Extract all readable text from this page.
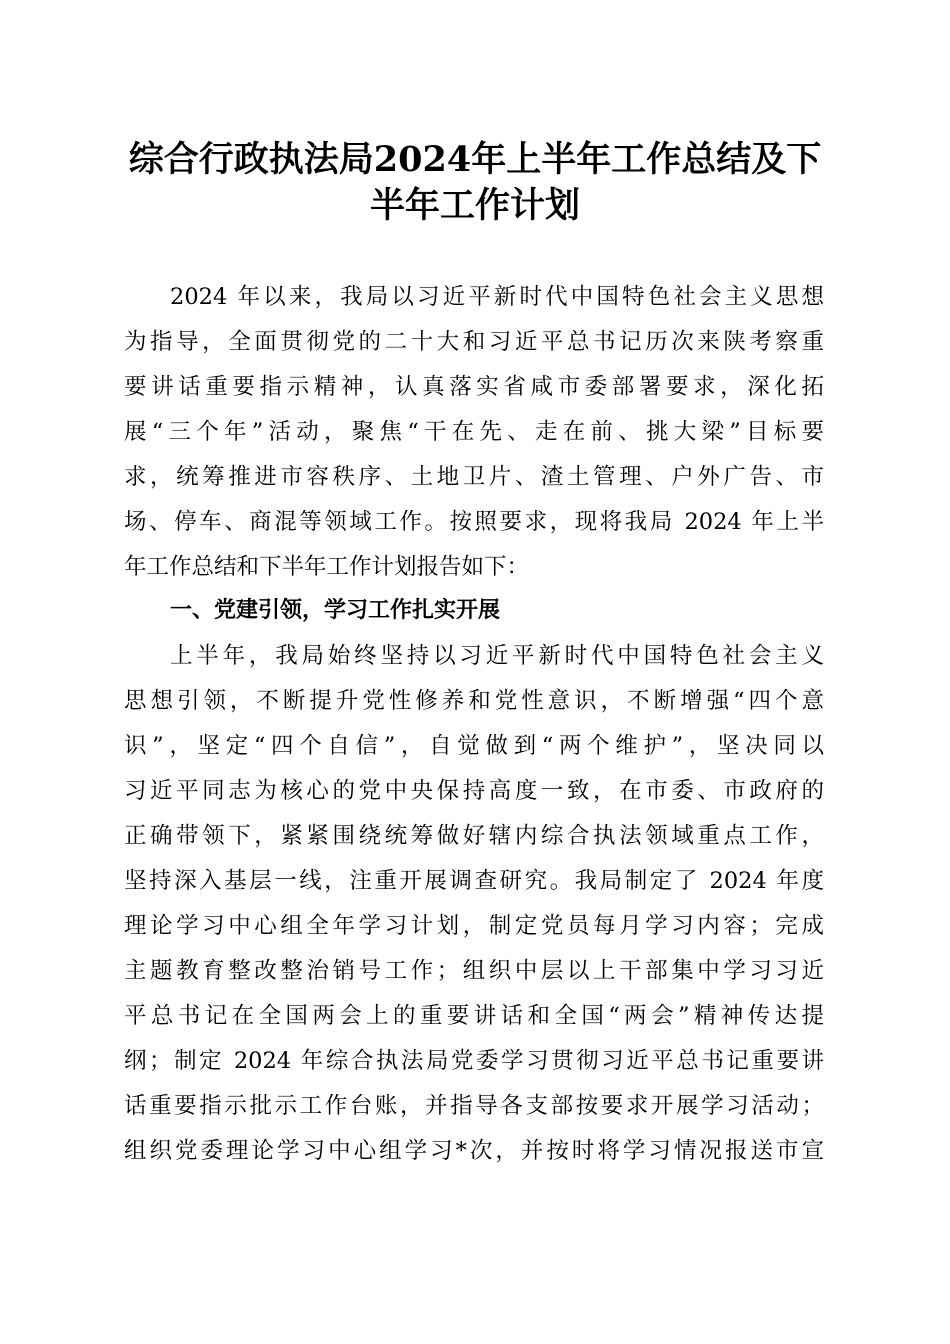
综合行政执法局2024年上半年工作总结及下
半年工作计划
2024 年以来，我局以习近平新时代中国特色社会主义思想
为指导，全面贯彻党的二十大和习近平总书记历次来陕考察重
要讲话重要指示精神，认真落实省咸市委部署要求，深化拓
展“三个年”活动，聚焦“干在先、走在前、挑大梁”目标要
求，统筹推进市容秩序、土地卫片、渣土管理、户外广告、市
场、停车、商混等领域工作。按照要求，现将我局 2024 年上半
年工作总结和下半年工作计划报告如下：
一、党建引领，学习工作扎实开展
上半年，我局始终坚持以习近平新时代中国特色社会主义
思想引领，不断提升党性修养和党性意识，不断增强“四个意
识”，坚定“四个自信”，自觉做到“两个维护”，坚决同以
习近平同志为核心的党中央保持高度一致，在市委、市政府的
正确带领下，紧紧围绕统筹做好辖内综合执法领域重点工作，
坚持深入基层一线，注重开展调查研究。我局制定了 2024 年度
理论学习中心组全年学习计划，制定党员每月学习内容；完成
主题教育整改整治销号工作；组织中层以上干部集中学习习近
平总书记在全国两会上的重要讲话和全国“两会”精神传达提
纲；制定 2024 年综合执法局党委学习贯彻习近平总书记重要讲
话重要指示批示工作台账，并指导各支部按要求开展学习活动；
组织党委理论学习中心组学习*次，并按时将学习情况报送市宣
